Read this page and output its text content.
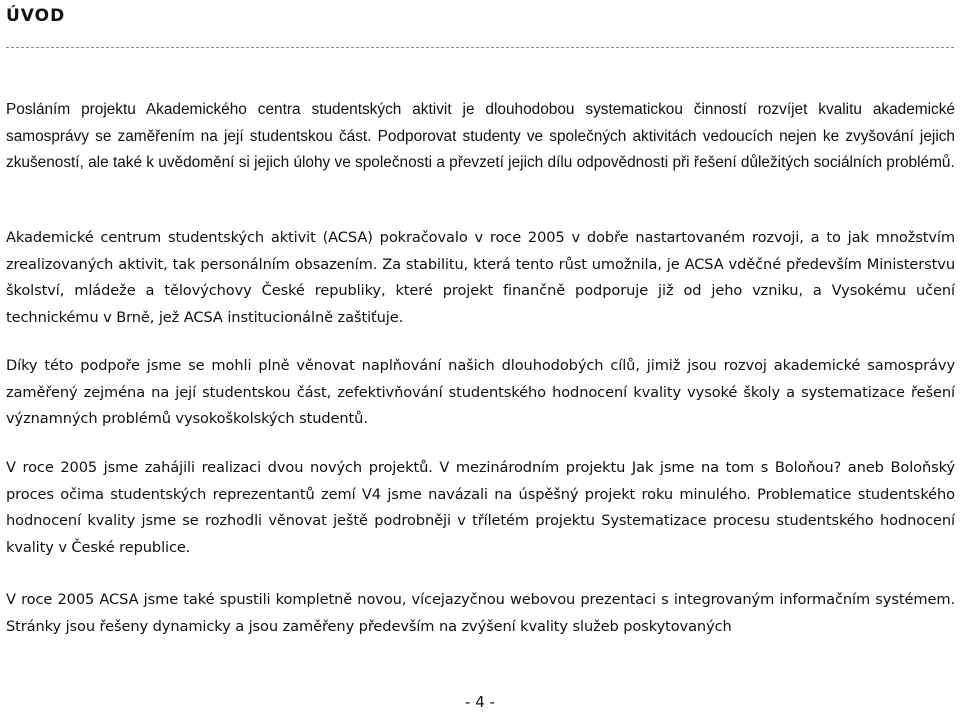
ÚVOD

Posláním projektu Akademického centra studentských aktivit je dlouhodobou systematickou činností rozvíjet kvalitu akademické samosprávy se zaměřením na její studentskou část. Podporovat studenty ve společných aktivitách vedoucích nejen ke zvyšování jejich zkušeností, ale také k uvědomění si jejich úlohy ve společnosti a převzetí jejich dílu odpovědnosti při řešení důležitých sociálních problémů.

Akademické centrum studentských aktivit (ACSA) pokračovalo v roce 2005 v dobře nastartovaném rozvoji, a to jak množstvím zrealizovaných aktivit, tak personálním obsazením. Za stabilitu, která tento růst umožnila, je ACSA vděčné především Ministerstvu školství, mládeže a tělovýchovy České republiky, které projekt finančně podporuje již od jeho vzniku, a Vysokému učení technickému v Brně, jež ACSA institucionálně zaštiťuje.

Díky této podpoře jsme se mohli plně věnovat naplňování našich dlouhodobých cílů, jimiž jsou rozvoj akademické samosprávy zaměřený zejména na její studentskou část, zefektivňování studentského hodnocení kvality vysoké školy a systematizace řešení významných problémů vysokoškolských studentů.

V roce 2005 jsme zahájili realizaci dvou nových projektů. V mezinárodním projektu Jak jsme na tom s Boloňou? aneb Boloňský proces očima studentských reprezentantů zemí V4 jsme navázali na úspěšný projekt roku minulého. Problematice studentského hodnocení kvality jsme se rozhodli věnovat ještě podrobněji v tříletém projektu Systematizace procesu studentského hodnocení kvality v České republice.

V roce 2005 ACSA jsme také spustili kompletně novou, vícejazyčnou webovou prezentaci s integrovaným informačním systémem. Stránky jsou řešeny dynamicky a jsou zaměřeny především na zvýšení kvality služeb poskytovaných

- 4 -
